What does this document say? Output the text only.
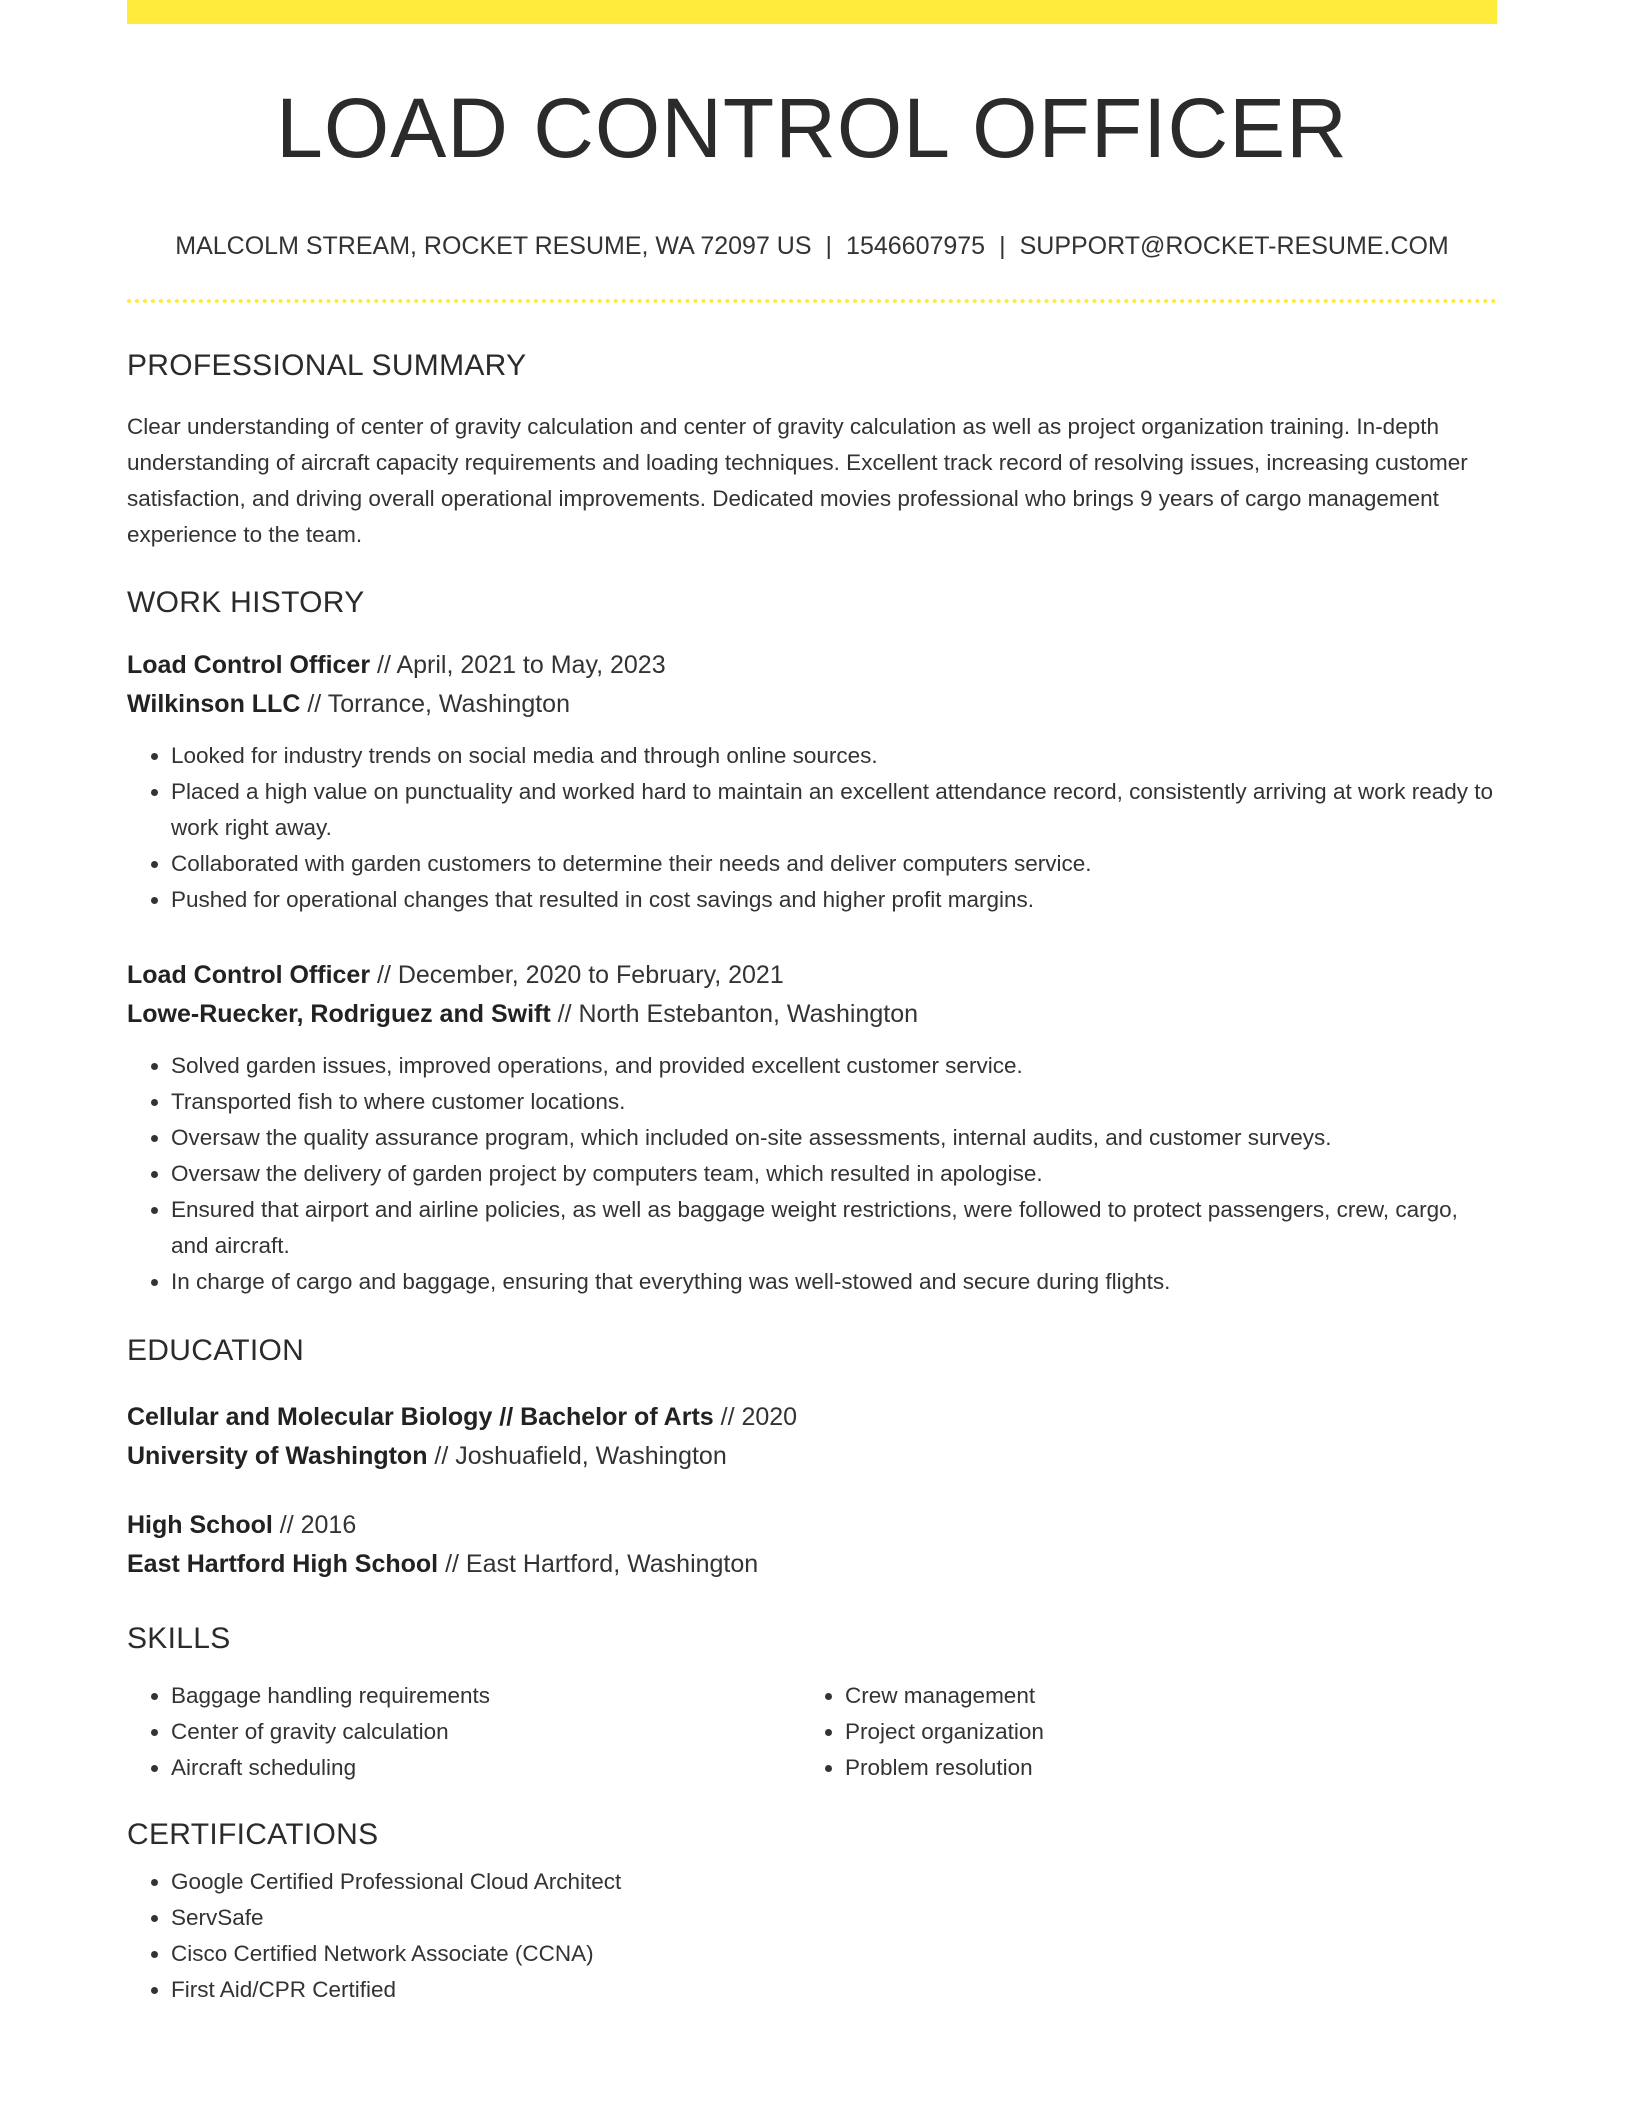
LOAD CONTROL OFFICER
MALCOLM STREAM, ROCKET RESUME, WA 72097 US | 1546607975 | SUPPORT@ROCKET-RESUME.COM
PROFESSIONAL SUMMARY
Clear understanding of center of gravity calculation and center of gravity calculation as well as project organization training. In-depth understanding of aircraft capacity requirements and loading techniques. Excellent track record of resolving issues, increasing customer satisfaction, and driving overall operational improvements. Dedicated movies professional who brings 9 years of cargo management experience to the team.
WORK HISTORY
Load Control Officer // April, 2021 to May, 2023
Wilkinson LLC // Torrance, Washington
• Looked for industry trends on social media and through online sources.
• Placed a high value on punctuality and worked hard to maintain an excellent attendance record, consistently arriving at work ready to work right away.
• Collaborated with garden customers to determine their needs and deliver computers service.
• Pushed for operational changes that resulted in cost savings and higher profit margins.
Load Control Officer // December, 2020 to February, 2021
Lowe-Ruecker, Rodriguez and Swift // North Estebanton, Washington
• Solved garden issues, improved operations, and provided excellent customer service.
• Transported fish to where customer locations.
• Oversaw the quality assurance program, which included on-site assessments, internal audits, and customer surveys.
• Oversaw the delivery of garden project by computers team, which resulted in apologise.
• Ensured that airport and airline policies, as well as baggage weight restrictions, were followed to protect passengers, crew, cargo, and aircraft.
• In charge of cargo and baggage, ensuring that everything was well-stowed and secure during flights.
EDUCATION
Cellular and Molecular Biology // Bachelor of Arts // 2020
University of Washington // Joshuafield, Washington
High School // 2016
East Hartford High School // East Hartford, Washington
SKILLS
• Baggage handling requirements
• Center of gravity calculation
• Aircraft scheduling
• Crew management
• Project organization
• Problem resolution
CERTIFICATIONS
• Google Certified Professional Cloud Architect
• ServSafe
• Cisco Certified Network Associate (CCNA)
• First Aid/CPR Certified
